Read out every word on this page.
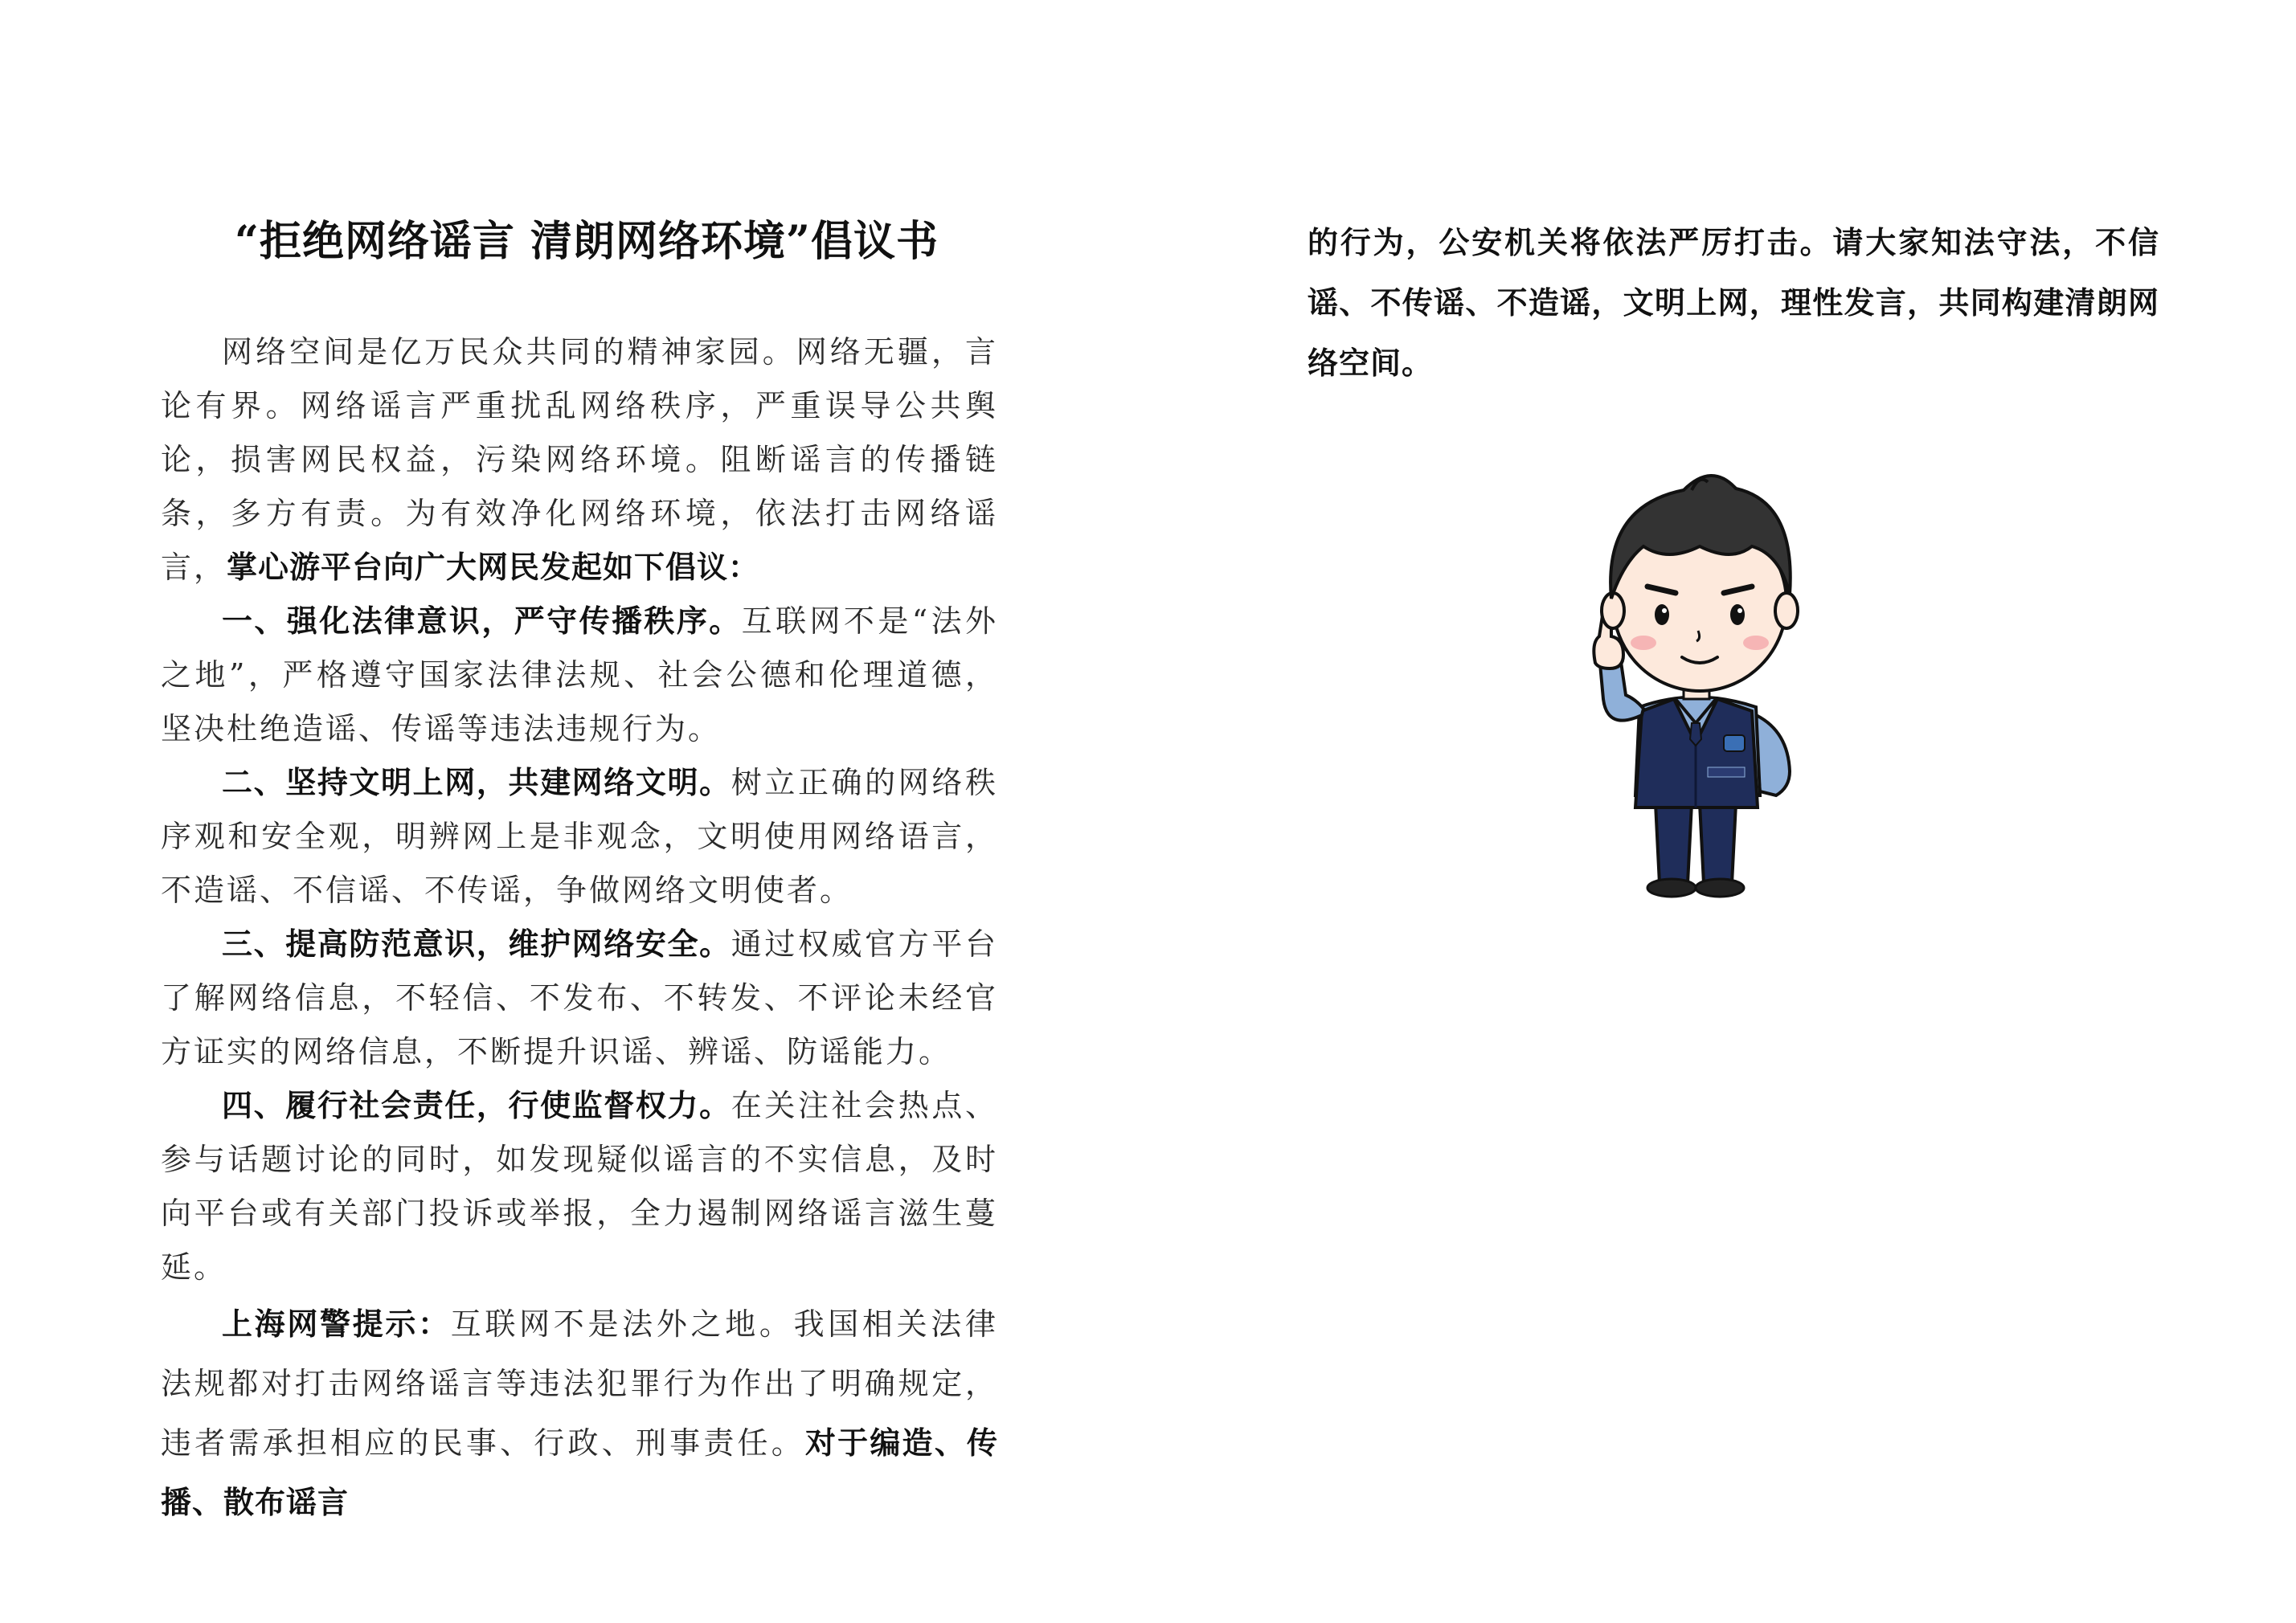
“拒绝网络谣言 清朗网络环境”倡议书

网络空间是亿万民众共同的精神家园。网络无疆，言论有界。网络谣言严重扰乱网络秩序，严重误导公共舆论，损害网民权益，污染网络环境。阻断谣言的传播链条，多方有责。为有效净化网络环境，依法打击网络谣言，掌心游平台向广大网民发起如下倡议：

一、强化法律意识，严守传播秩序。互联网不是“法外之地”，严格遵守国家法律法规、社会公德和伦理道德，坚决杜绝造谣、传谣等违法违规行为。

二、坚持文明上网，共建网络文明。树立正确的网络秩序观和安全观，明辨网上是非观念，文明使用网络语言，不造谣、不信谣、不传谣，争做网络文明使者。

三、提高防范意识，维护网络安全。通过权威官方平台了解网络信息，不轻信、不发布、不转发、不评论未经官方证实的网络信息，不断提升识谣、辨谣、防谣能力。

四、履行社会责任，行使监督权力。在关注社会热点、参与话题讨论的同时，如发现疑似谣言的不实信息，及时向平台或有关部门投诉或举报，全力遏制网络谣言滋生蔓延。

上海网警提示：互联网不是法外之地。我国相关法律法规都对打击网络谣言等违法犯罪行为作出了明确规定，违者需承担相应的民事、行政、刑事责任。对于编造、传播、散布谣言

的行为，公安机关将依法严厉打击。请大家知法守法，不信谣、不传谣、不造谣，文明上网，理性发言，共同构建清朗网络空间。
